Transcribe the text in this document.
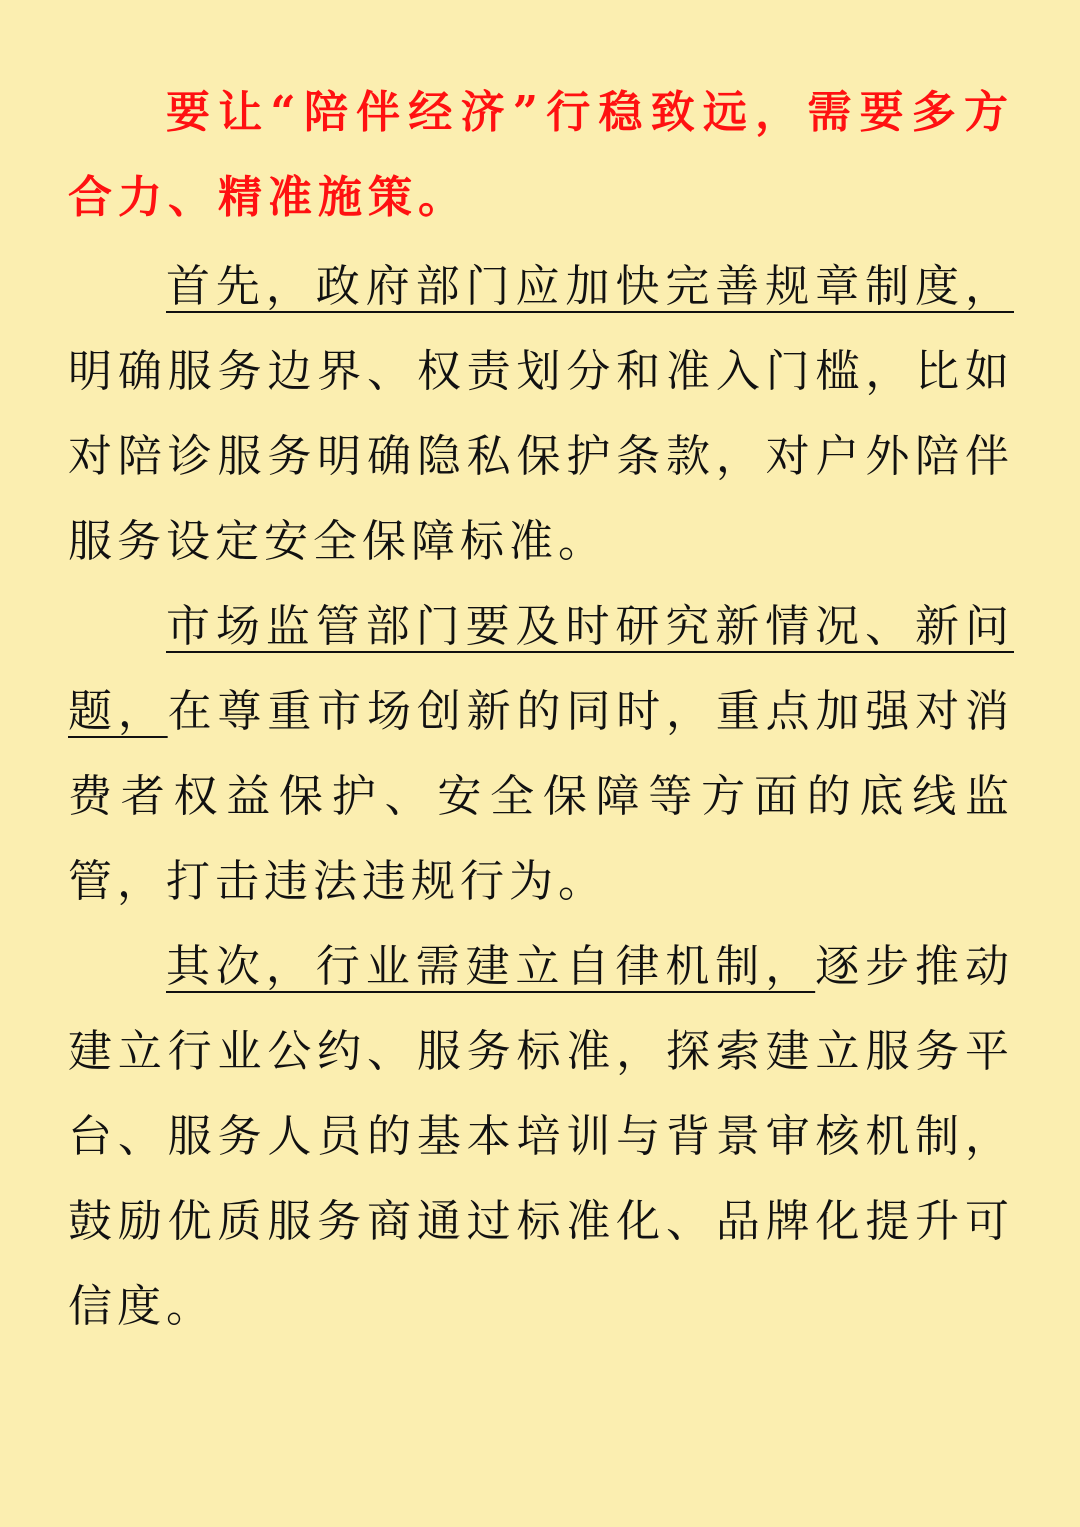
要让“陪伴经济”行稳致远，需要多方合力、精准施策。

首先，政府部门应加快完善规章制度，明确服务边界、权责划分和准入门槛，比如对陪诊服务明确隐私保护条款，对户外陪伴服务设定安全保障标准。

市场监管部门要及时研究新情况、新问题，在尊重市场创新的同时，重点加强对消费者权益保护、安全保障等方面的底线监管，打击违法违规行为。

其次，行业需建立自律机制，逐步推动建立行业公约、服务标准，探索建立服务平台、服务人员的基本培训与背景审核机制，鼓励优质服务商通过标准化、品牌化提升可信度。
